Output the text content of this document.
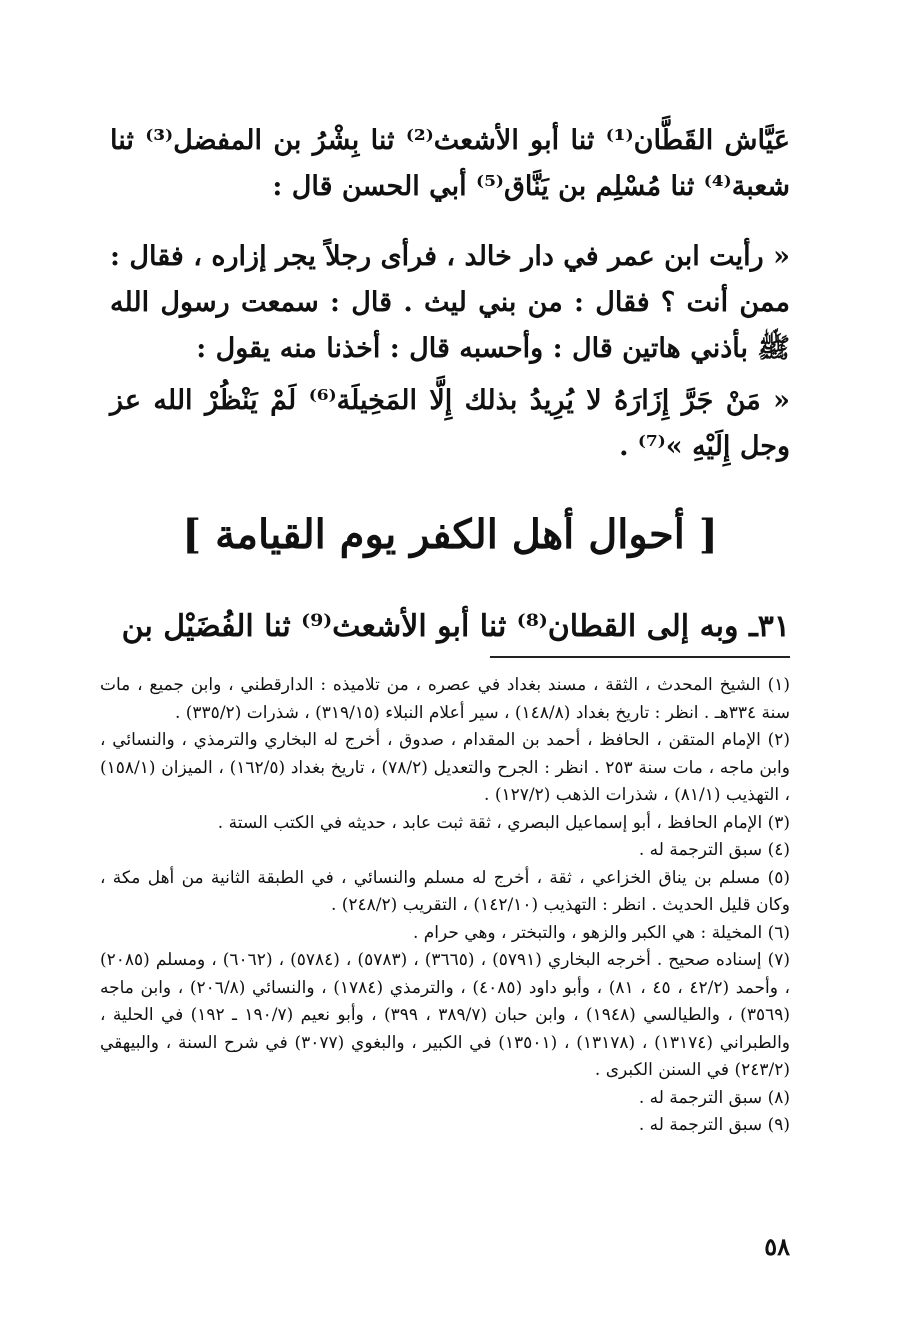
عَيَّاش القَطَّان⁽¹⁾ ثنا أبو الأشعث⁽²⁾ ثنا بِشْرُ بن المفضل⁽³⁾ ثنا شعبة⁽⁴⁾ ثنا مُسْلِم بن يَنَّاق⁽⁵⁾ أبي الحسن قال :

« رأيت ابن عمر في دار خالد ، فرأى رجلاً يجر إزاره ، فقال : ممن أنت ؟ فقال : من بني ليث . قال : سمعت رسول الله ﷺ بأذني هاتين قال : وأحسبه قال : أخذنا منه يقول :

« مَنْ جَرَّ إِزَارَهُ لا يُرِيدُ بذلك إِلَّا المَخِيلَة⁽⁶⁾ لَمْ يَنْظُرْ الله عز وجل إِلَيْهِ »⁽⁷⁾ .

[ أحوال أهل الكفر يوم القيامة ]

٣١ـ وبه إلى القطان⁽⁸⁾ ثنا أبو الأشعث⁽⁹⁾ ثنا الفُضَيْل بن

(١) الشيخ المحدث ، الثقة ، مسند بغداد في عصره ، من تلاميذه : الدارقطني ، وابن جميع ، مات سنة ٣٣٤هـ . انظر : تاريخ بغداد (١٤٨/٨) ، سير أعلام النبلاء (٣١٩/١٥) ، شذرات (٣٣٥/٢) .

(٢) الإمام المتقن ، الحافظ ، أحمد بن المقدام ، صدوق ، أخرج له البخاري والترمذي ، والنسائي ، وابن ماجه ، مات سنة ٢٥٣ . انظر : الجرح والتعديل (٧٨/٢) ، تاريخ بغداد (١٦٢/٥) ، الميزان (١٥٨/١) ، التهذيب (٨١/١) ، شذرات الذهب (١٢٧/٢) .

(٣) الإمام الحافظ ، أبو إسماعيل البصري ، ثقة ثبت عابد ، حديثه في الكتب الستة .

(٤) سبق الترجمة له .

(٥) مسلم بن يناق الخزاعي ، ثقة ، أخرج له مسلم والنسائي ، في الطبقة الثانية من أهل مكة ، وكان قليل الحديث . انظر : التهذيب (١٤٢/١٠) ، التقريب (٢٤٨/٢) .

(٦) المخيلة : هي الكبر والزهو ، والتبختر ، وهي حرام .

(٧) إسناده صحيح . أخرجه البخاري (٥٧٩١) ، (٣٦٦٥) ، (٥٧٨٣) ، (٥٧٨٤) ، (٦٠٦٢) ، ومسلم (٢٠٨٥) ، وأحمد (٤٢/٢ ، ٤٥ ، ٨١) ، وأبو داود (٤٠٨٥) ، والترمذي (١٧٨٤) ، والنسائي (٢٠٦/٨) ، وابن ماجه (٣٥٦٩) ، والطيالسي (١٩٤٨) ، وابن حبان (٣٨٩/٧ ، ٣٩٩) ، وأبو نعيم (١٩٠/٧ ـ ١٩٢) في الحلية ، والطبراني (١٣١٧٤) ، (١٣١٧٨) ، (١٣٥٠١) في الكبير ، والبغوي (٣٠٧٧) في شرح السنة ، والبيهقي (٢٤٣/٢) في السنن الكبرى .

(٨) سبق الترجمة له .

(٩) سبق الترجمة له .

٥٨
